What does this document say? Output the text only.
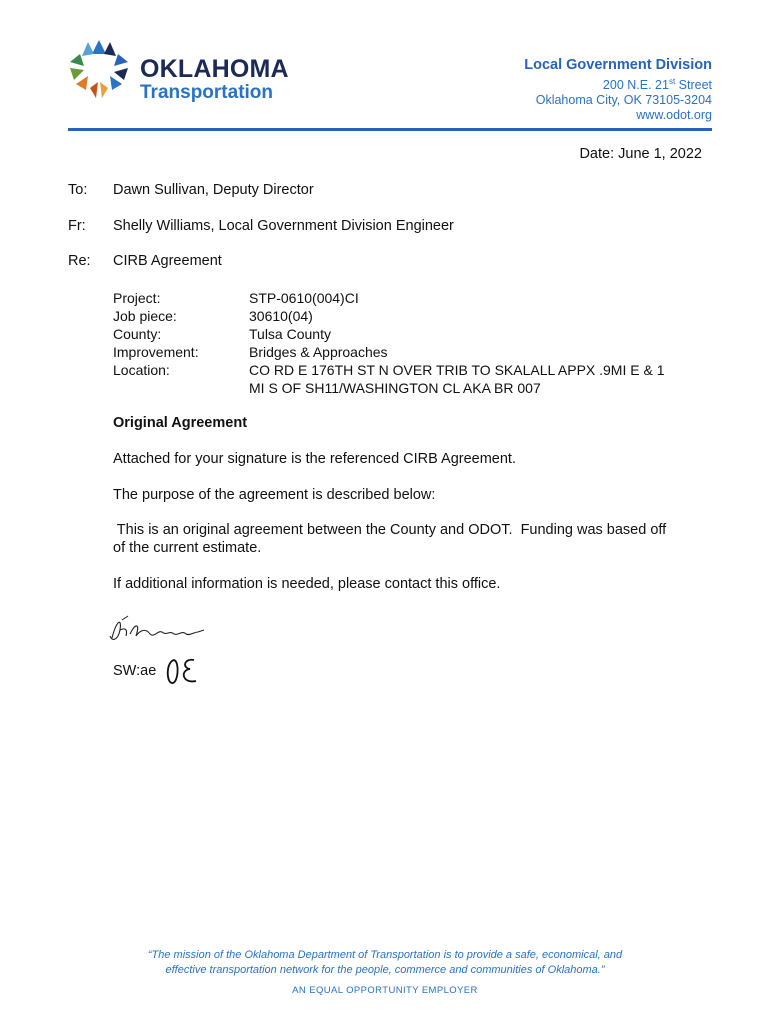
OKLAHOMA
Transportation
Local Government Division
200 N.E. 21st Street
Oklahoma City, OK 73105-3204
www.odot.org
Date: June 1, 2022
To: Dawn Sullivan, Deputy Director
Fr: Shelly Williams, Local Government Division Engineer
Re: CIRB Agreement
Project:	STP-0610(004)CI
Job piece:	30610(04)
County:	Tulsa County
Improvement:	Bridges & Approaches
Location:	CO RD E 176TH ST N OVER TRIB TO SKALALL APPX .9MI E & 1
MI S OF SH11/WASHINGTON CL AKA BR 007
Original Agreement
Attached for your signature is the referenced CIRB Agreement.
The purpose of the agreement is described below:
This is an original agreement between the County and ODOT.  Funding was based off
of the current estimate.
If additional information is needed, please contact this office.
SW:ae
“The mission of the Oklahoma Department of Transportation is to provide a safe, economical, and
effective transportation network for the people, commerce and communities of Oklahoma.”
AN EQUAL OPPORTUNITY EMPLOYER
